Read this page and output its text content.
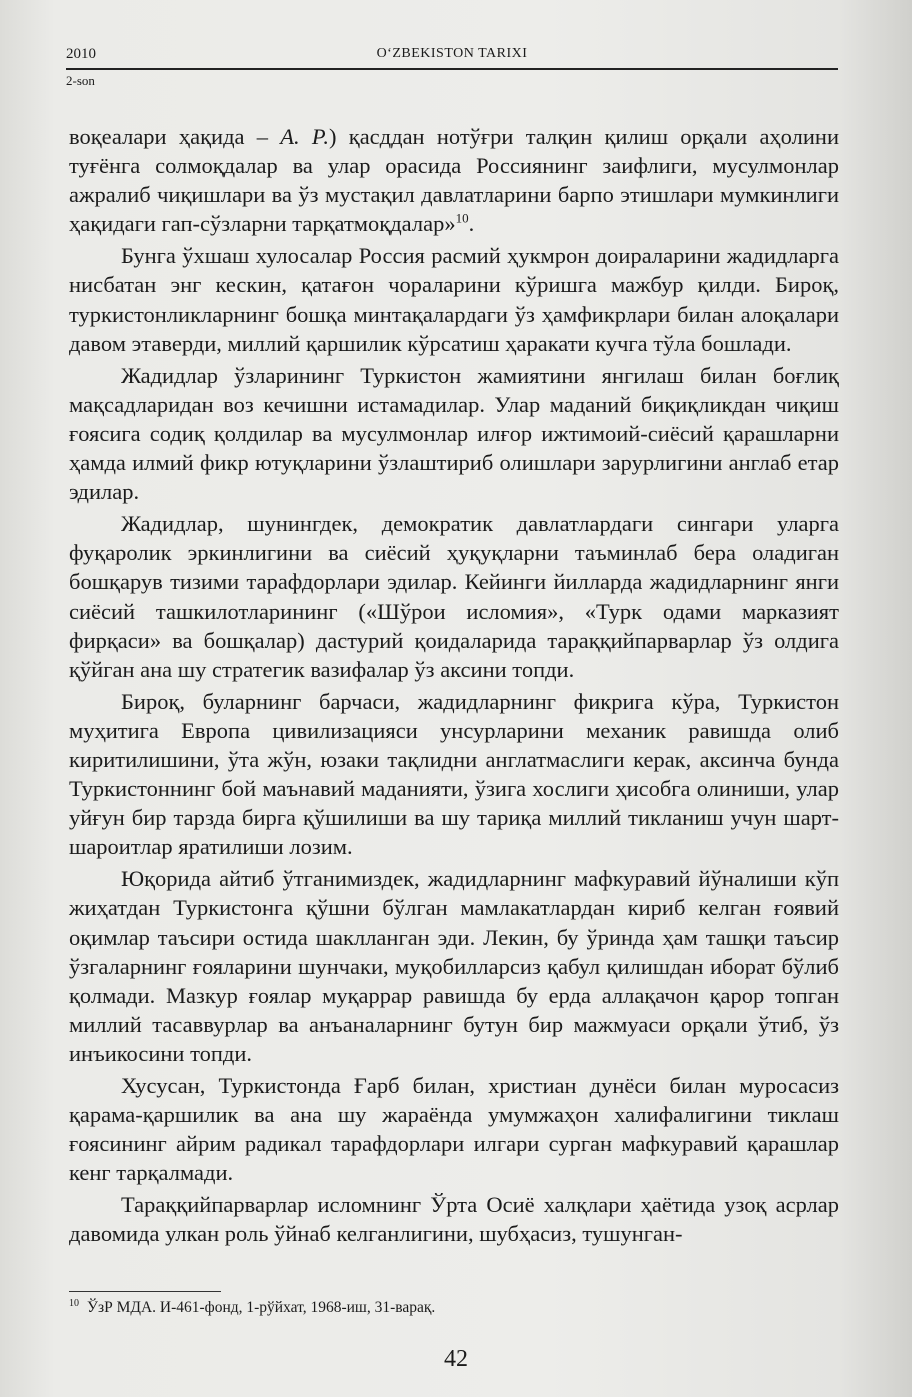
2010	O‘ZBEKISTON TARIXI
2-son

воқеалари ҳақида – А. Р.) қасддан нотўғри талқин қилиш орқали аҳолини туғёнга солмоқдалар ва улар орасида Россиянинг заифлиги, мусулмонлар ажралиб чиқишлари ва ўз мустақил давлатларини барпо этишлари мумкинлиги ҳақидаги гап-сўзларни тарқатмоқдалар»$^{10}$.

Бунга ўхшаш хулосалар Россия расмий ҳукмрон доираларини жадидларга нисбатан энг кескин, қатағон чораларини кўришга мажбур қилди. Бироқ, туркистонликларнинг бошқа минтақалардаги ўз ҳамфикрлари билан алоқалари давом этаверди, миллий қаршилик кўрсатиш ҳаракати кучга тўла бошлади.

Жадидлар ўзларининг Туркистон жамиятини янгилаш билан боғлиқ мақсадларидан воз кечишни истамадилар. Улар маданий биқиқликдан чиқиш ғоясига содиқ қолдилар ва мусулмонлар илғор ижтимоий-сиёсий қарашларни ҳамда илмий фикр ютуқларини ўзлаштириб олишлари зарурлигини англаб етар эдилар.

Жадидлар, шунингдек, демократик давлатлардаги сингари уларга фуқаролик эркинлигини ва сиёсий ҳуқуқларни таъминлаб бера оладиган бошқарув тизими тарафдорлари эдилар. Кейинги йилларда жадидларнинг янги сиёсий ташкилотларининг («Шўрои исломия», «Турк одами марказият фирқаси» ва бошқалар) дастурий қоидаларида тараққийпарварлар ўз олдига қўйган ана шу стратегик вазифалар ўз аксини топди.

Бироқ, буларнинг барчаси, жадидларнинг фикрига кўра, Туркистон муҳитига Европа цивилизацияси унсурларини механик равишда олиб киритилишини, ўта жўн, юзаки тақлидни англатмаслиги керак, аксинча бунда Туркистоннинг бой маънавий маданияти, ўзига хослиги ҳисобга олиниши, улар уйғун бир тарзда бирга қўшилиши ва шу тариқа миллий тикланиш учун шарт-шароитлар яратилиши лозим.

Юқорида айтиб ўтганимиздек, жадидларнинг мафкуравий йўналиши кўп жиҳатдан Туркистонга қўшни бўлган мамлакатлардан кириб келган ғоявий оқимлар таъсири остида шаклланган эди. Лекин, бу ўринда ҳам ташқи таъсир ўзгаларнинг ғояларини шунчаки, муқобилларсиз қабул қилишдан иборат бўлиб қолмади. Мазкур ғоялар муқаррар равишда бу ерда аллақачон қарор топган миллий тасаввурлар ва анъаналарнинг бутун бир мажмуаси орқали ўтиб, ўз инъикосини топди.

Хусусан, Туркистонда Ғарб билан, христиан дунёси билан муросасиз қарама-қаршилик ва ана шу жараёнда умумжаҳон халифалигини тиклаш ғоясининг айрим радикал тарафдорлари илгари сурган мафкуравий қарашлар кенг тарқалмади.

Тараққийпарварлар исломнинг Ўрта Осиё халқлари ҳаётида узоқ асрлар давомида улкан роль ўйнаб келганлигини, шубҳасиз, тушунган-

$^{10}$ ЎзР МДА. И-461-фонд, 1-рўйхат, 1968-иш, 31-варақ.
42
